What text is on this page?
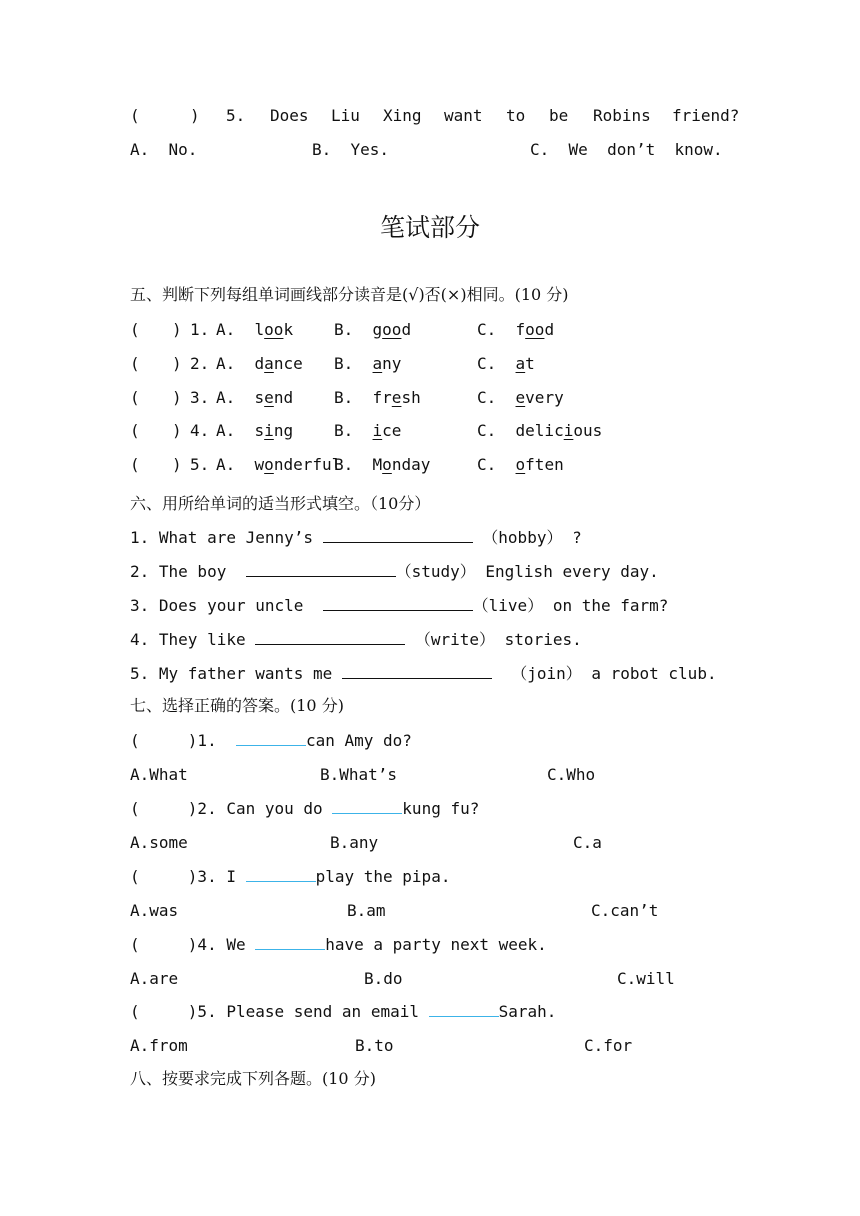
(	) 5. Does Liu Xing want to be Robins friend?
A.  No.	B.  Yes.	C.  We  don’t  know.
笔试部分
五、判断下列每组单词画线部分读音是(√)否(×)相同。(10 分)
( ) 1. A.  look	B.  good	C.  food
( ) 2. A.  dance B.  any	C.  at
( ) 3. A.  send	B.  fresh	C.  every
( ) 4. A.  sing	B.  ice	C.  delicious
( ) 5. A.  wonderful
B.  Monday	C.  often
六、用所给单词的适当形式填空。（10分）
1. What are Jenny’s	（hobby） ?
2. The boy	（study） English every day.
3. Does your uncle	（live） on the farm?
4. They like	（write） stories.
5. My father wants me	（join） a robot club.
七、选择正确的答案。(10 分)
(     )1.	can Amy do?
A.What	B.What’s	C.Who
(     )2. Can you do	kung fu?
A.some	B.any	C.a
(     )3. I	play the pipa.
A.was	B.am	C.can’t
(     )4. We	have a party next week.
A.are	B.do	C.will
(     )5. Please send an email	Sarah.
A.from	B.to	C.for
八、按要求完成下列各题。(10 分)
